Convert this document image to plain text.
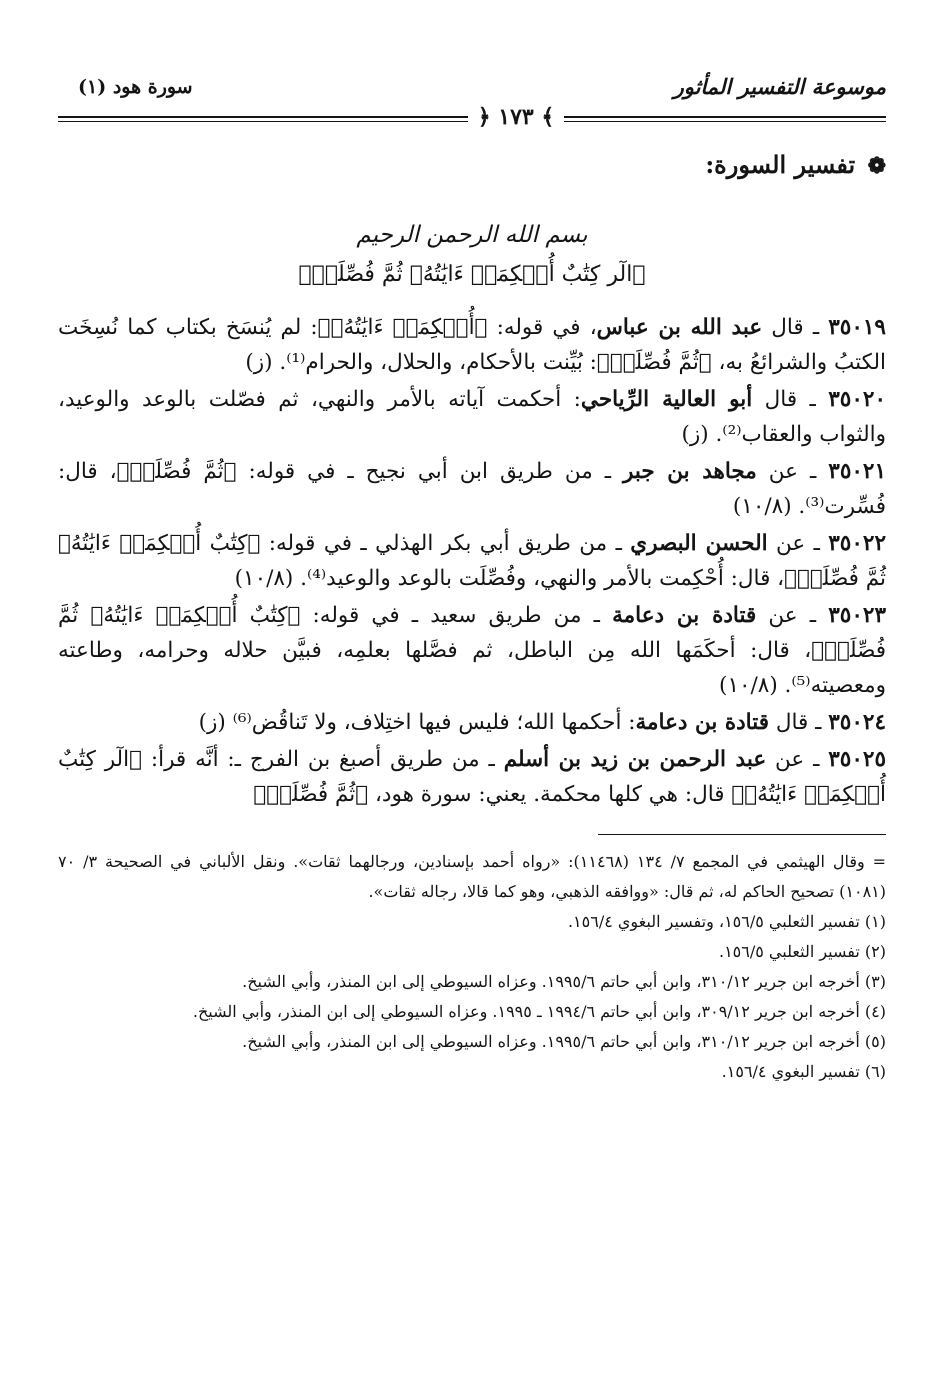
موسوعة التفسير المأثور
سورة هود (١)
﴾ ١٧٣ ﴿
❁ تفسير السورة:
بسم الله الرحمن الرحيم
﴿الٓر كِتَٰبٌ أُحۡكِمَتۡ ءَايَٰتُهُۥ ثُمَّ فُصِّلَتۡ﴾

٣٥٠١٩ ـ قال عبد الله بن عباس، في قوله: ﴿أُحۡكِمَتۡ ءَايَٰتُهُۥ﴾: لم يُنسَخ بكتاب كما نُسِخَت الكتبُ والشرائعُ به، ﴿ثُمَّ فُصِّلَتۡ﴾: بُيِّنت بالأحكام، والحلال، والحرام⁽¹⁾. (ز)

٣٥٠٢٠ ـ قال أبو العالية الرِّياحي: أحكمت آياته بالأمر والنهي، ثم فصّلت بالوعد والوعيد، والثواب والعقاب⁽²⁾. (ز)

٣٥٠٢١ ـ عن مجاهد بن جبر ـ من طريق ابن أبي نجيح ـ في قوله: ﴿ثُمَّ فُصِّلَتۡ﴾، قال: فُسِّرت⁽³⁾. (١٠/٨)

٣٥٠٢٢ ـ عن الحسن البصري ـ من طريق أبي بكر الهذلي ـ في قوله: ﴿كِتَٰبٌ أُحۡكِمَتۡ ءَايَٰتُهُۥ ثُمَّ فُصِّلَتۡ﴾، قال: أُحْكِمت بالأمر والنهي، وفُصِّلَت بالوعد والوعيد⁽⁴⁾. (١٠/٨)

٣٥٠٢٣ ـ عن قتادة بن دعامة ـ من طريق سعيد ـ في قوله: ﴿كِتَٰبٌ أُحۡكِمَتۡ ءَايَٰتُهُۥ ثُمَّ فُصِّلَتۡ﴾، قال: أحكَمَها الله مِن الباطل، ثم فصَّلها بعلمِه، فبيَّن حلاله وحرامه، وطاعته ومعصيته⁽⁵⁾. (١٠/٨)

٣٥٠٢٤ ـ قال قتادة بن دعامة: أحكمها الله؛ فليس فيها اختِلاف، ولا تَناقُض⁽⁶⁾ (ز)

٣٥٠٢٥ ـ عن عبد الرحمن بن زيد بن أسلم ـ من طريق أصبغ بن الفرج ـ: أنَّه قرأ: ﴿الٓر كِتَٰبٌ أُحۡكِمَتۡ ءَايَٰتُهُۥ﴾ قال: هي كلها محكمة. يعني: سورة هود، ﴿ثُمَّ فُصِّلَتۡ﴾

= وقال الهيثمي في المجمع ٧/ ١٣٤ (١١٤٦٨): «رواه أحمد بإسنادين، ورجالهما ثقات». ونقل الألباني في الصحيحة ٣/ ٧٠ (١٠٨١) تصحيح الحاكم له، ثم قال: «ووافقه الذهبي، وهو كما قالا، رجاله ثقات».
(١) تفسير الثعلبي ١٥٦/٥، وتفسير البغوي ١٥٦/٤.
(٢) تفسير الثعلبي ١٥٦/٥.
(٣) أخرجه ابن جرير ٣١٠/١٢، وابن أبي حاتم ١٩٩٥/٦. وعزاه السيوطي إلى ابن المنذر، وأبي الشيخ.
(٤) أخرجه ابن جرير ٣٠٩/١٢، وابن أبي حاتم ١٩٩٤/٦ ـ ١٩٩٥. وعزاه السيوطي إلى ابن المنذر، وأبي الشيخ.
(٥) أخرجه ابن جرير ٣١٠/١٢، وابن أبي حاتم ١٩٩٥/٦. وعزاه السيوطي إلى ابن المنذر، وأبي الشيخ.
(٦) تفسير البغوي ١٥٦/٤.
